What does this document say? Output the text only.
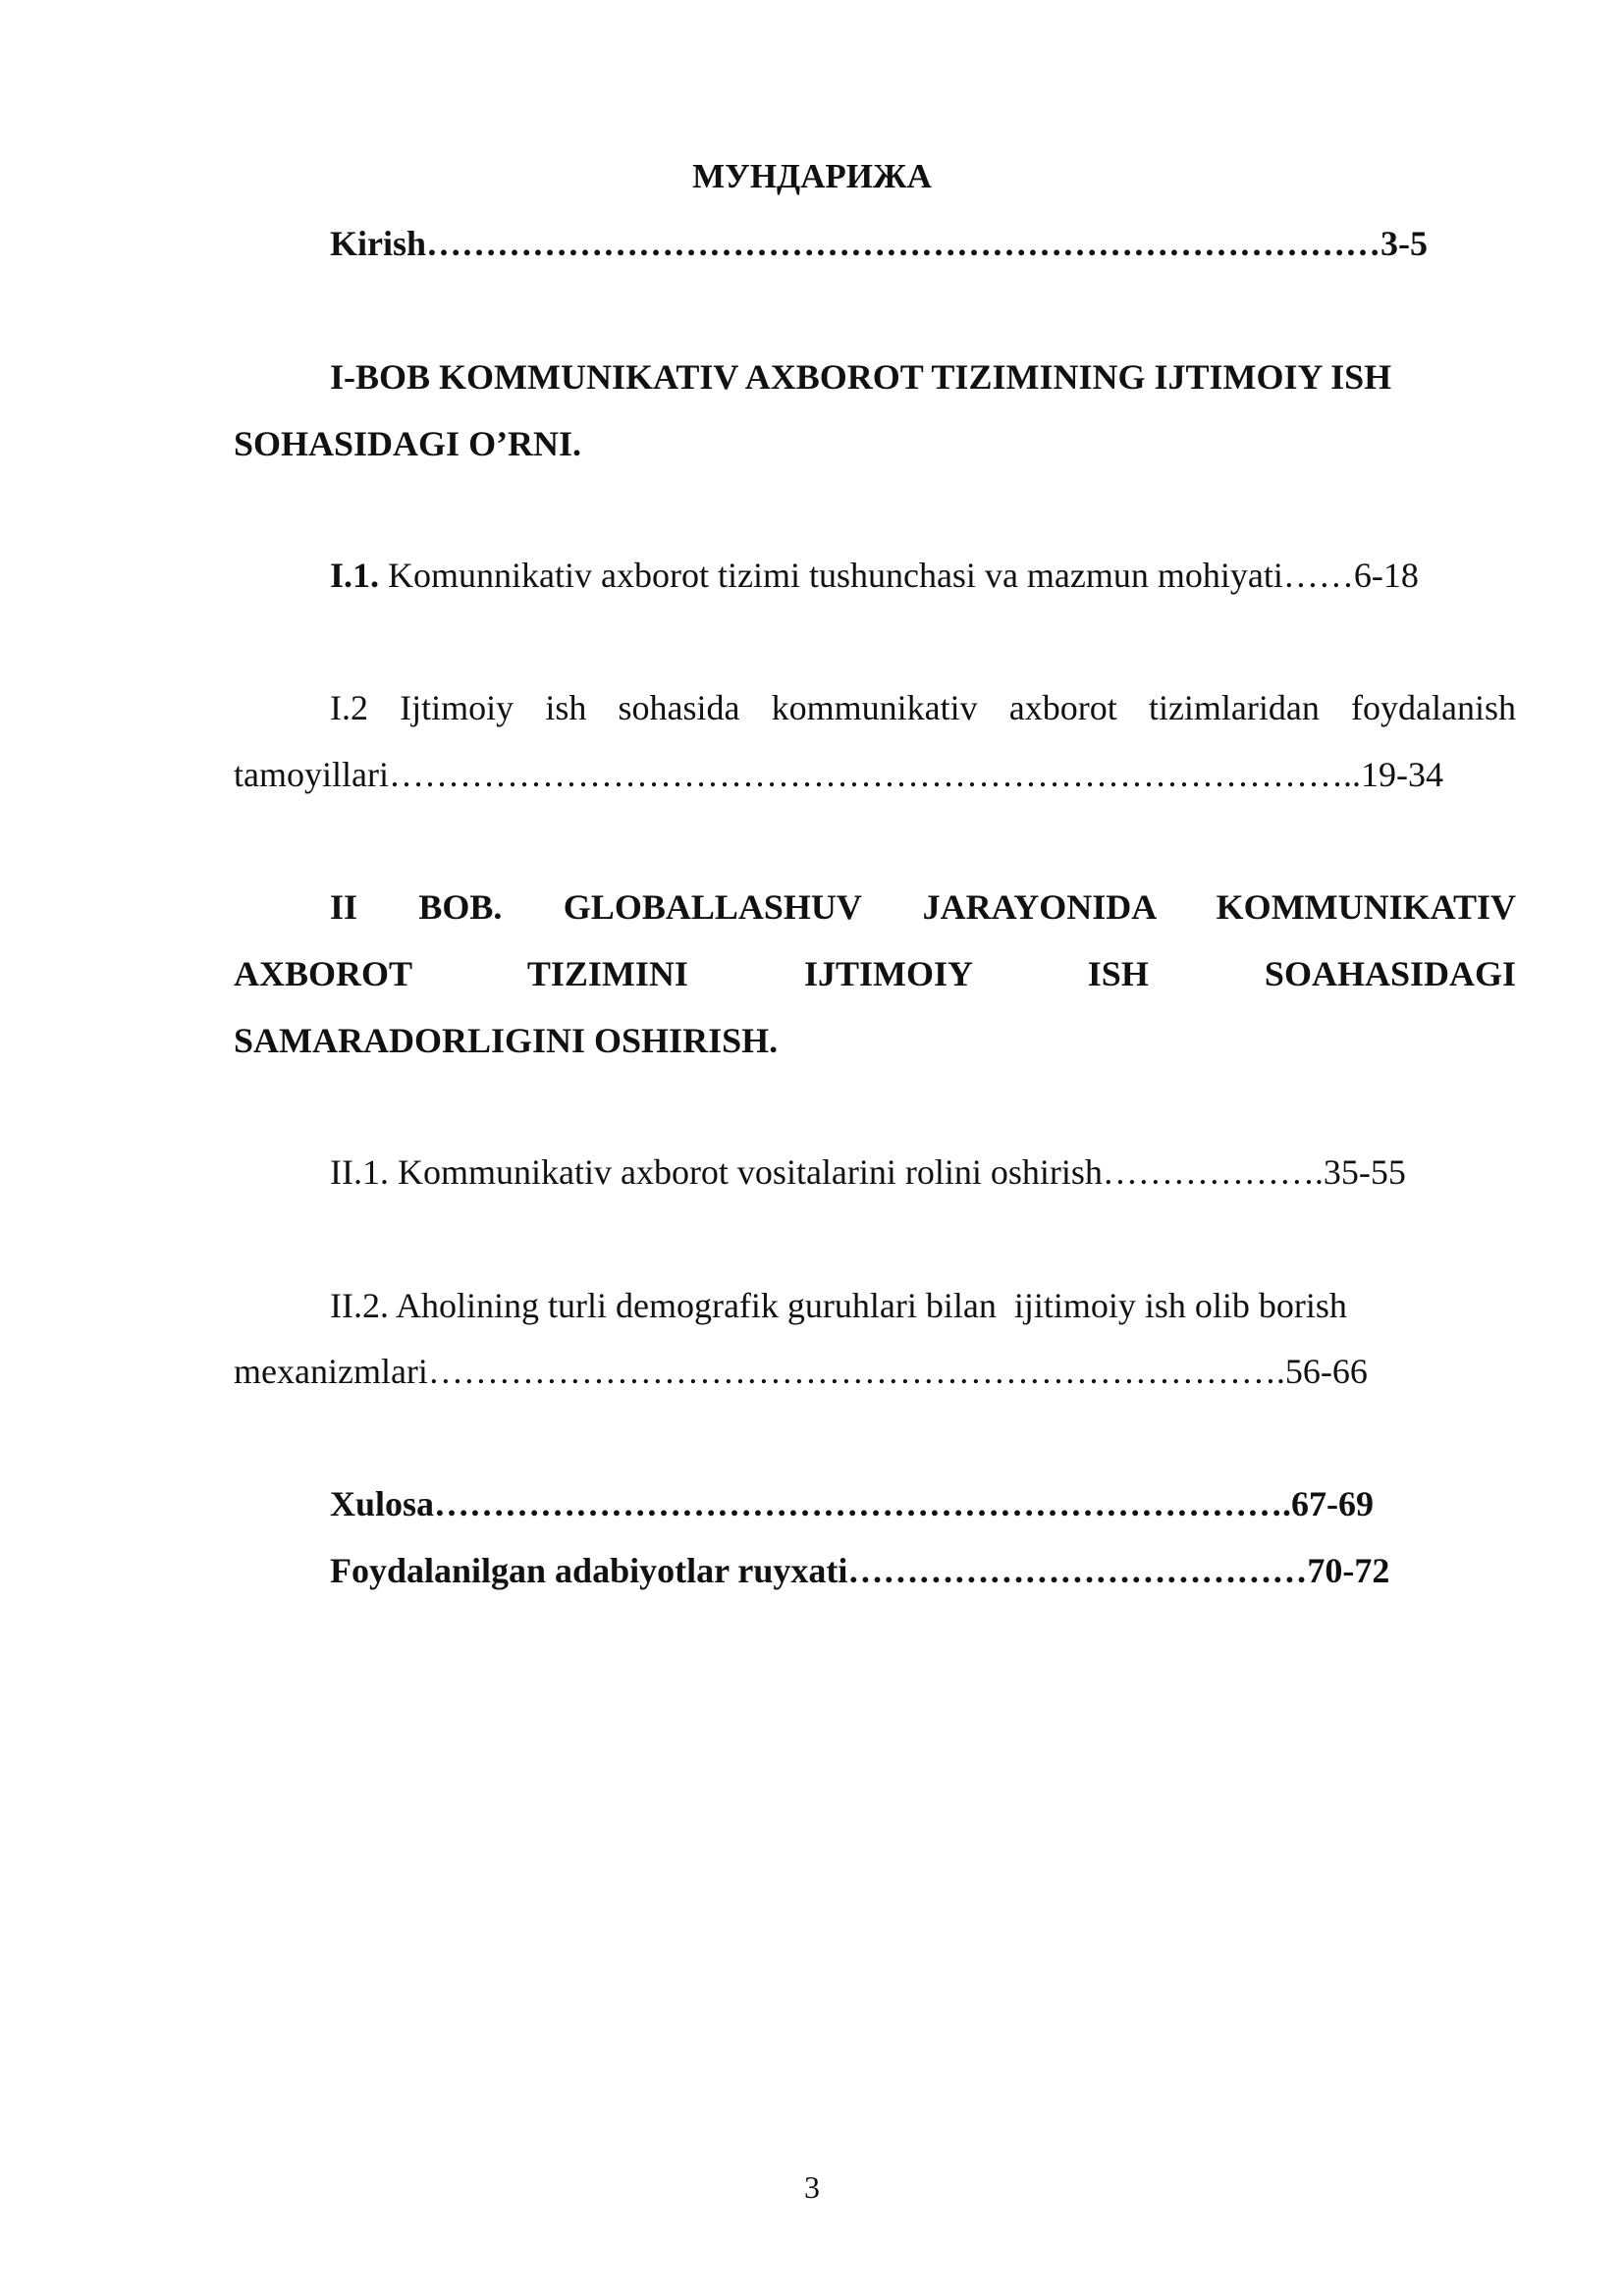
МУНДАРИЖА
Kirish………………………………………………………………………3-5
I-BOB KOMMUNIKATIV AXBOROT TIZIMINING IJTIMOIY ISH
SOHASIDAGI O’RNI.
I.1. Komunnikativ axborot tizimi tushunchasi va mazmun mohiyati……6-18
I.2 Ijtimoiy ish sohasida kommunikativ axborot tizimlaridan foydalanish
tamoyillari………………………………………………………………………..19-34
II BOB. GLOBALLASHUV JARAYONIDA KOMMUNIKATIV
AXBOROT TIZIMINI IJTIMOIY ISH SOAHASIDAGI
SAMARADORLIGINI OSHIRISH.
II.1. Kommunikativ axborot vositalarini rolini oshirish……………….35-55
II.2. Aholining turli demografik guruhlari bilan  ijitimoiy ish olib borish
mexanizmlari……………………………………………………………….56-66
Xulosa……………………………………………………………….67-69
Foydalanilgan adabiyotlar ruyxati…………………………………70-72
3
